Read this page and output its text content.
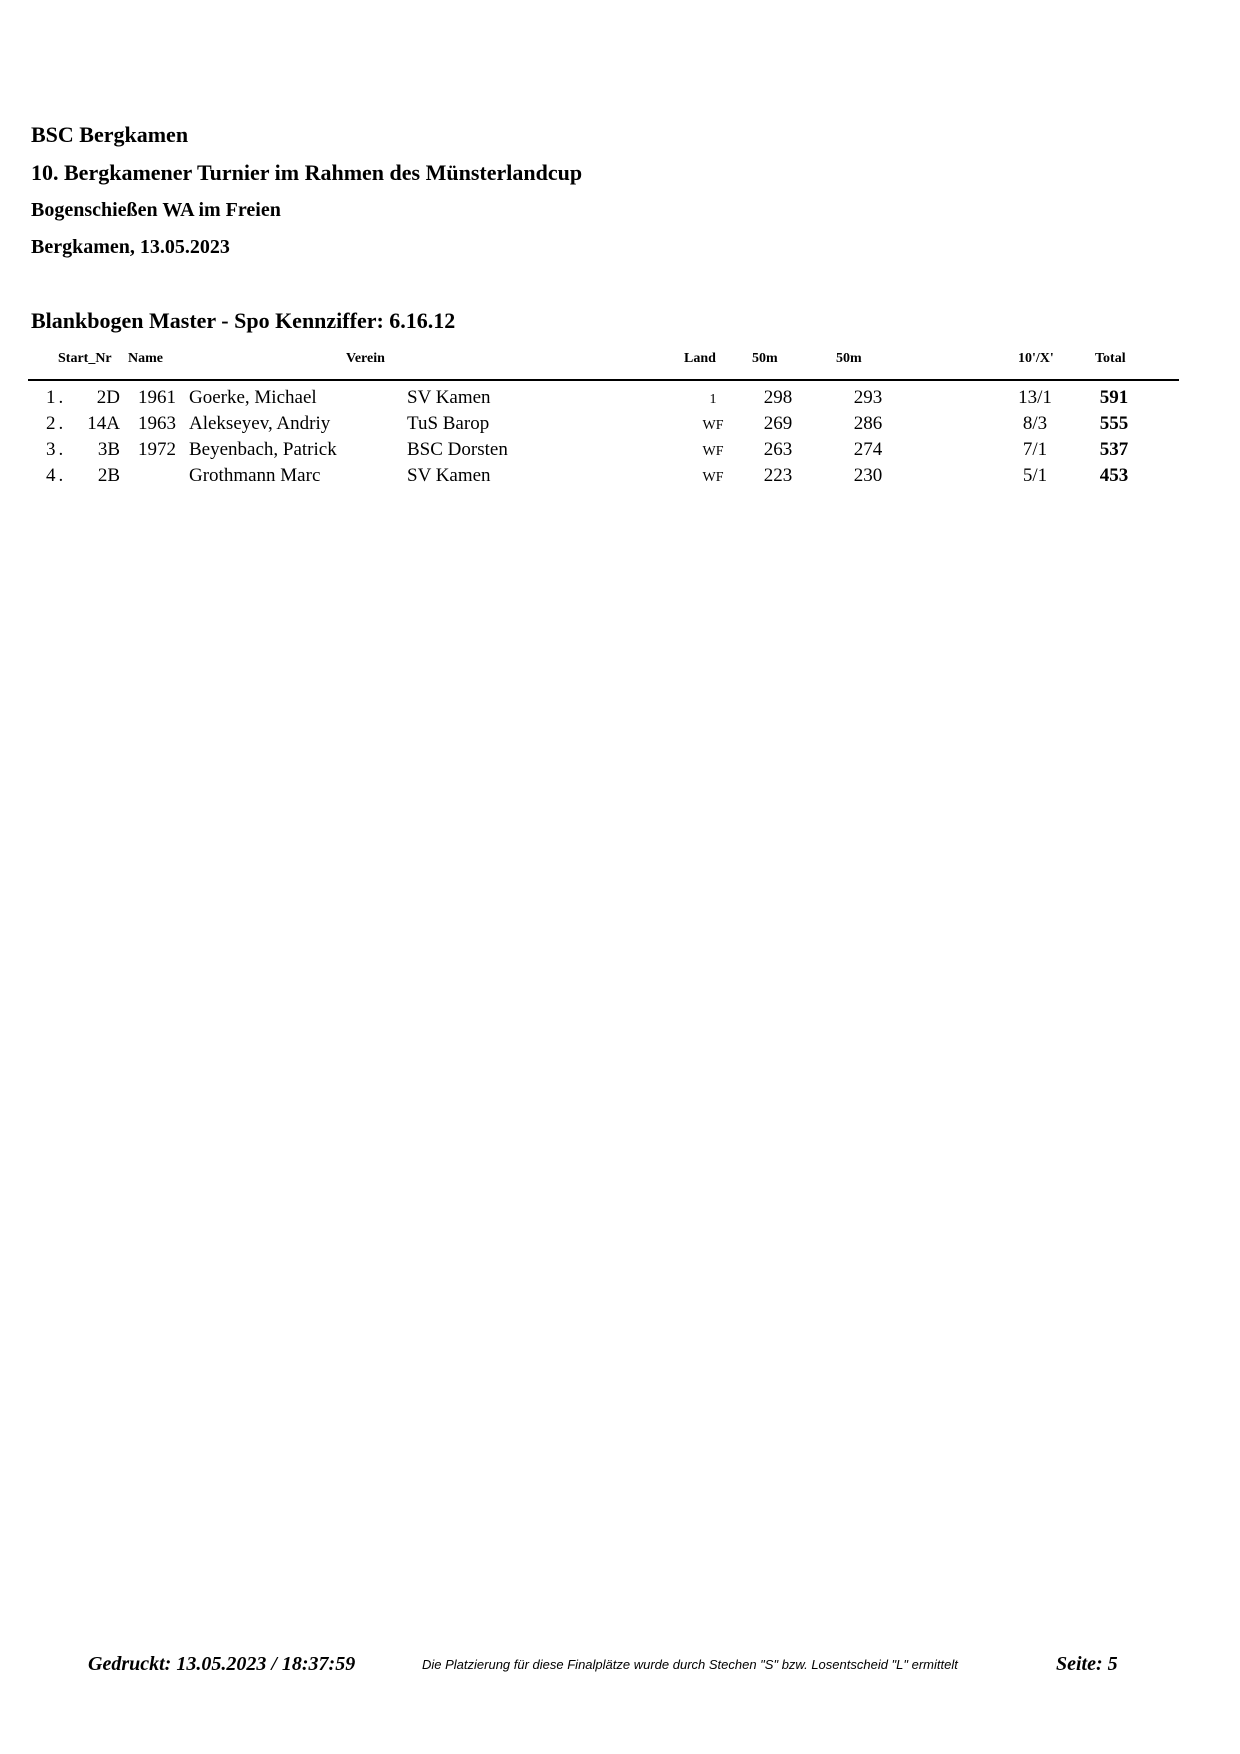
BSC Bergkamen
10. Bergkamener Turnier im Rahmen des Münsterlandcup
Bogenschießen WA im Freien
Bergkamen, 13.05.2023
Blankbogen Master - Spo Kennziffer: 6.16.12
Start_Nr Name	Verein	Land	50m	50m	10'/X'	Total
1. 2D 1961 Goerke, Michael	SV Kamen	1	298	293	13/1	591
2. 14A 1963 Alekseyev, Andriy	TuS Barop	WF	269	286	8/3	555
3. 3B 1972 Beyenbach, Patrick	BSC Dorsten	WF	263	274	7/1	537
4. 2B	Grothmann Marc	SV Kamen	WF	223	230	5/1	453
Gedruckt: 13.05.2023 / 18:37:59	Die Platzierung für diese Finalplätze wurde durch Stechen "S" bzw. Losentscheid "L" ermittelt	Seite: 5
